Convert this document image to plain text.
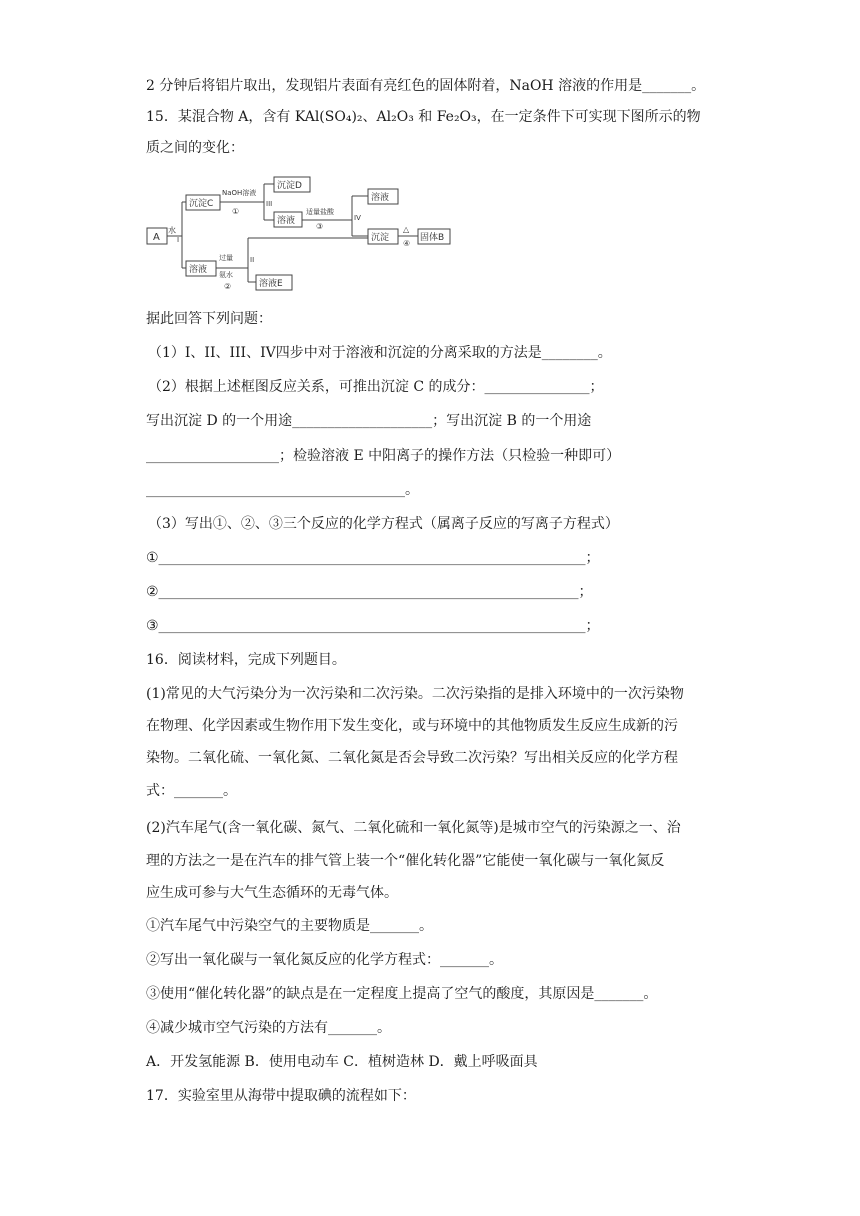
2 分钟后将铝片取出，发现铝片表面有亮红色的固体附着，NaOH 溶液的作用是_______。
15．某混合物 A，含有 KAl(SO₄)₂、Al₂O₃ 和 Fe₂O₃，在一定条件下可实现下图所示的物
质之间的变化：
A
水
I
沉淀C
NaOH溶液
①
III
沉淀D
溶液
适量盐酸
③
IV
溶液
沉淀
△
④
固体B
溶液
过量
氨水
②
II
溶液E
据此回答下列问题：
（1）I、II、III、IV四步中对于溶液和沉淀的分离采取的方法是________。
（2）根据上述框图反应关系，可推出沉淀 C 的成分：_______________；
写出沉淀 D 的一个用途____________________；写出沉淀 B 的一个用途
___________________；检验溶液 E 中阳离子的操作方法（只检验一种即可）
_____________________________________。
（3）写出①、②、③三个反应的化学方程式（属离子反应的写离子方程式）
①_____________________________________________________________；
②____________________________________________________________；
③_____________________________________________________________；
16．阅读材料，完成下列题目。
(1)常见的大气污染分为一次污染和二次污染。二次污染指的是排入环境中的一次污染物
在物理、化学因素或生物作用下发生变化，或与环境中的其他物质发生反应生成新的污
染物。二氧化硫、一氧化氮、二氧化氮是否会导致二次污染？写出相关反应的化学方程
式：_______。
(2)汽车尾气(含一氧化碳、氮气、二氧化硫和一氧化氮等)是城市空气的污染源之一、治
理的方法之一是在汽车的排气管上装一个“催化转化器”它能使一氧化碳与一氧化氮反
应生成可参与大气生态循环的无毒气体。
①汽车尾气中污染空气的主要物质是_______。
②写出一氧化碳与一氧化氮反应的化学方程式：_______。
③使用“催化转化器”的缺点是在一定程度上提高了空气的酸度，其原因是_______。
④减少城市空气污染的方法有_______。
A．开发氢能源 B．使用电动车 C．植树造林 D．戴上呼吸面具
17．实验室里从海带中提取碘的流程如下：
